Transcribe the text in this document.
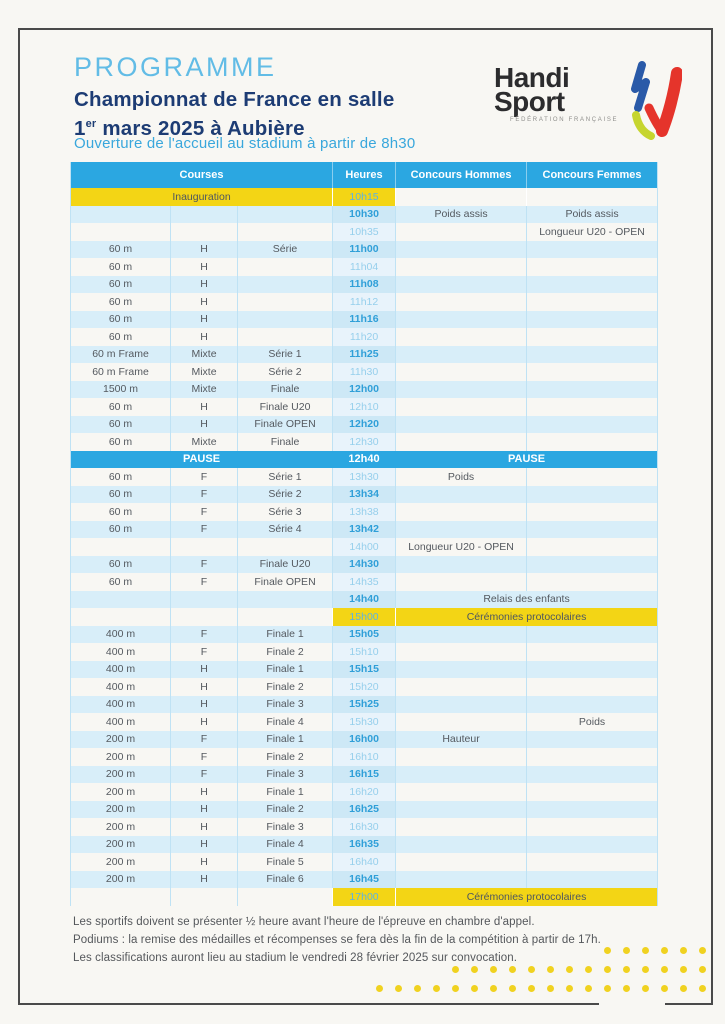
PROGRAMME
Championnat de France en salle
1er mars 2025 à Aubière
Handi
Sport
FÉDÉRATION FRANÇAISE
Ouverture de l'accueil au stadium à partir de 8h30
Courses			Heures	Concours Hommes	Concours Femmes
Inauguration			10h15		
			10h30	Poids assis	Poids assis
			10h35		Longueur U20 - OPEN
60 m	H	Série	11h00		
60 m	H		11h04		
60 m	H		11h08		
60 m	H		11h12		
60 m	H		11h16		
60 m	H		11h20		
60 m Frame	Mixte	Série 1	11h25		
60 m Frame	Mixte	Série 2	11h30		
1500 m	Mixte	Finale	12h00		
60 m	H	Finale U20	12h10		
60 m	H	Finale OPEN	12h20		
60 m	Mixte	Finale	12h30		
PAUSE			12h40	PAUSE	
60 m	F	Série 1	13h30	Poids	
60 m	F	Série 2	13h34		
60 m	F	Série 3	13h38		
60 m	F	Série 4	13h42		
			14h00	Longueur U20 - OPEN	
60 m	F	Finale U20	14h30		
60 m	F	Finale OPEN	14h35		
			14h40	Relais des enfants	
			15h00	Cérémonies protocolaires	
400 m	F	Finale 1	15h05		
400 m	F	Finale 2	15h10		
400 m	H	Finale 1	15h15		
400 m	H	Finale 2	15h20		
400 m	H	Finale 3	15h25		
400 m	H	Finale 4	15h30		Poids
200 m	F	Finale 1	16h00	Hauteur	
200 m	F	Finale 2	16h10		
200 m	F	Finale 3	16h15		
200 m	H	Finale 1	16h20		
200 m	H	Finale 2	16h25		
200 m	H	Finale 3	16h30		
200 m	H	Finale 4	16h35		
200 m	H	Finale 5	16h40		
200 m	H	Finale 6	16h45		
			17h00	Cérémonies protocolaires	
Les sportifs doivent se présenter ½ heure avant l'heure de l'épreuve en chambre d'appel.
Podiums : la remise des médailles et récompenses se fera dès la fin de la compétition à partir de 17h.
Les classifications auront lieu au stadium le vendredi 28 février 2025 sur convocation.
